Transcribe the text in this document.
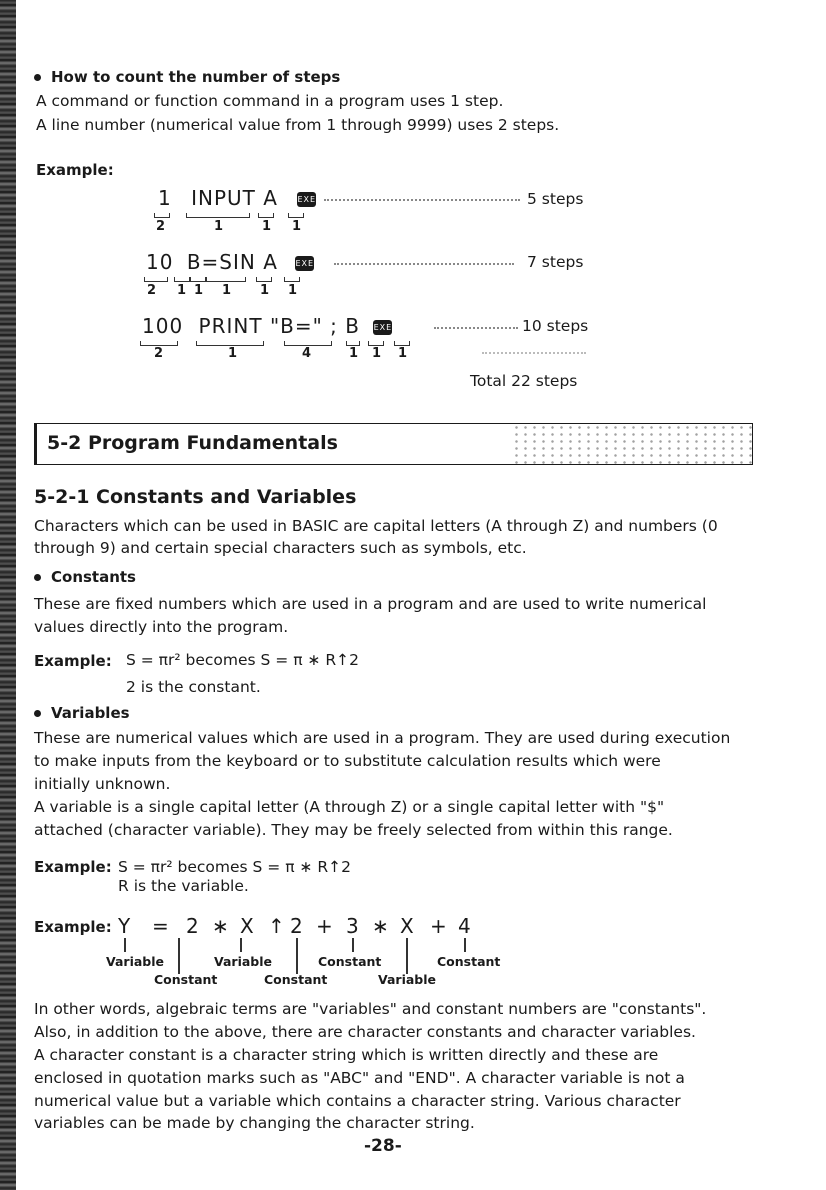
How to count the number of steps
A command or function command in a program uses 1 step.
A line number (numerical value from 1 through 9999) uses 2 steps.
Example:
1 INPUT A EXE	5 steps
2	1	1 1
10 B=SIN A EXE	7 steps
2 1 1 1 1 1
100 PRINT "B=" ; B EXE	10 steps
2	1	4	1 1 1
Total 22 steps
5-2 Program Fundamentals
5-2-1 Constants and Variables
Characters which can be used in BASIC are capital letters (A through Z) and numbers (0
through 9) and certain special characters such as symbols, etc.
Constants
These are fixed numbers which are used in a program and are used to write numerical
values directly into the program.
Example: S = πr² becomes S = π ∗ R↑2
2 is the constant.
Variables
These are numerical values which are used in a program. They are used during execution
to make inputs from the keyboard or to substitute calculation results which were
initially unknown.
A variable is a single capital letter (A through Z) or a single capital letter with "$"
attached (character variable). They may be freely selected from within this range.
Example: S = πr² becomes S = π ∗ R↑2
R is the variable.
Example: Y = 2 ∗ X ↑ 2 + 3 ∗ X + 4
Variable	Variable	Constant	Constant
Constant	Constant	Variable
In other words, algebraic terms are "variables" and constant numbers are "constants".
Also, in addition to the above, there are character constants and character variables.
A character constant is a character string which is written directly and these are
enclosed in quotation marks such as "ABC" and "END". A character variable is not a
numerical value but a variable which contains a character string. Various character
variables can be made by changing the character string.
-28-
